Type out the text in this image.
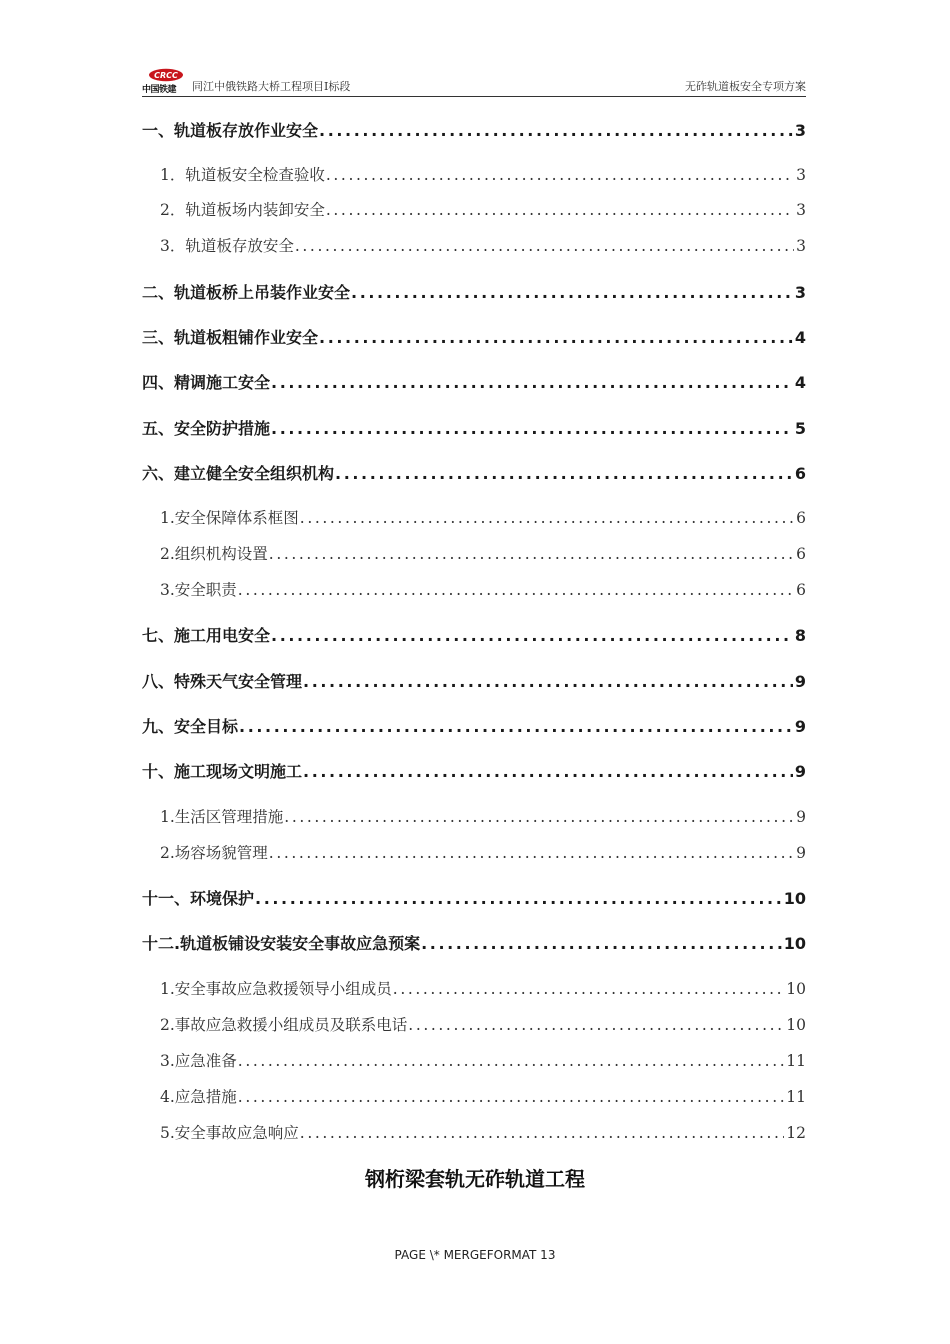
CRCC
中国铁建	同江中俄铁路大桥工程项目Ⅰ标段	无砟轨道板安全专项方案
一、轨道板存放作业安全 .....	3
1．轨道板安全检查验收 .....	3
2．轨道板场内装卸安全 .....	3
3．轨道板存放安全 .....	3
二、轨道板桥上吊装作业安全 .....	3
三、轨道板粗铺作业安全 .....	4
四、精调施工安全 .....	4
五、安全防护措施 .....	5
六、建立健全安全组织机构 .....	6
1.安全保障体系框图 .....	6
2.组织机构设置 .....	6
3.安全职责 .....	6
七、施工用电安全 .....	8
八、特殊天气安全管理 .....	9
九、安全目标 .....	9
十、施工现场文明施工 .....	9
1.生活区管理措施 .....	9
2.场容场貌管理 .....	9
十一、环境保护 .....	10
十二.轨道板铺设安装安全事故应急预案 .....	10
1.安全事故应急救援领导小组成员 .....	10
2.事故应急救援小组成员及联系电话 .....	10
3.应急准备 .....	11
4.应急措施 .....	11
5.安全事故应急响应 .....	12
钢桁梁套轨无砟轨道工程
PAGE \* MERGEFORMAT 13
